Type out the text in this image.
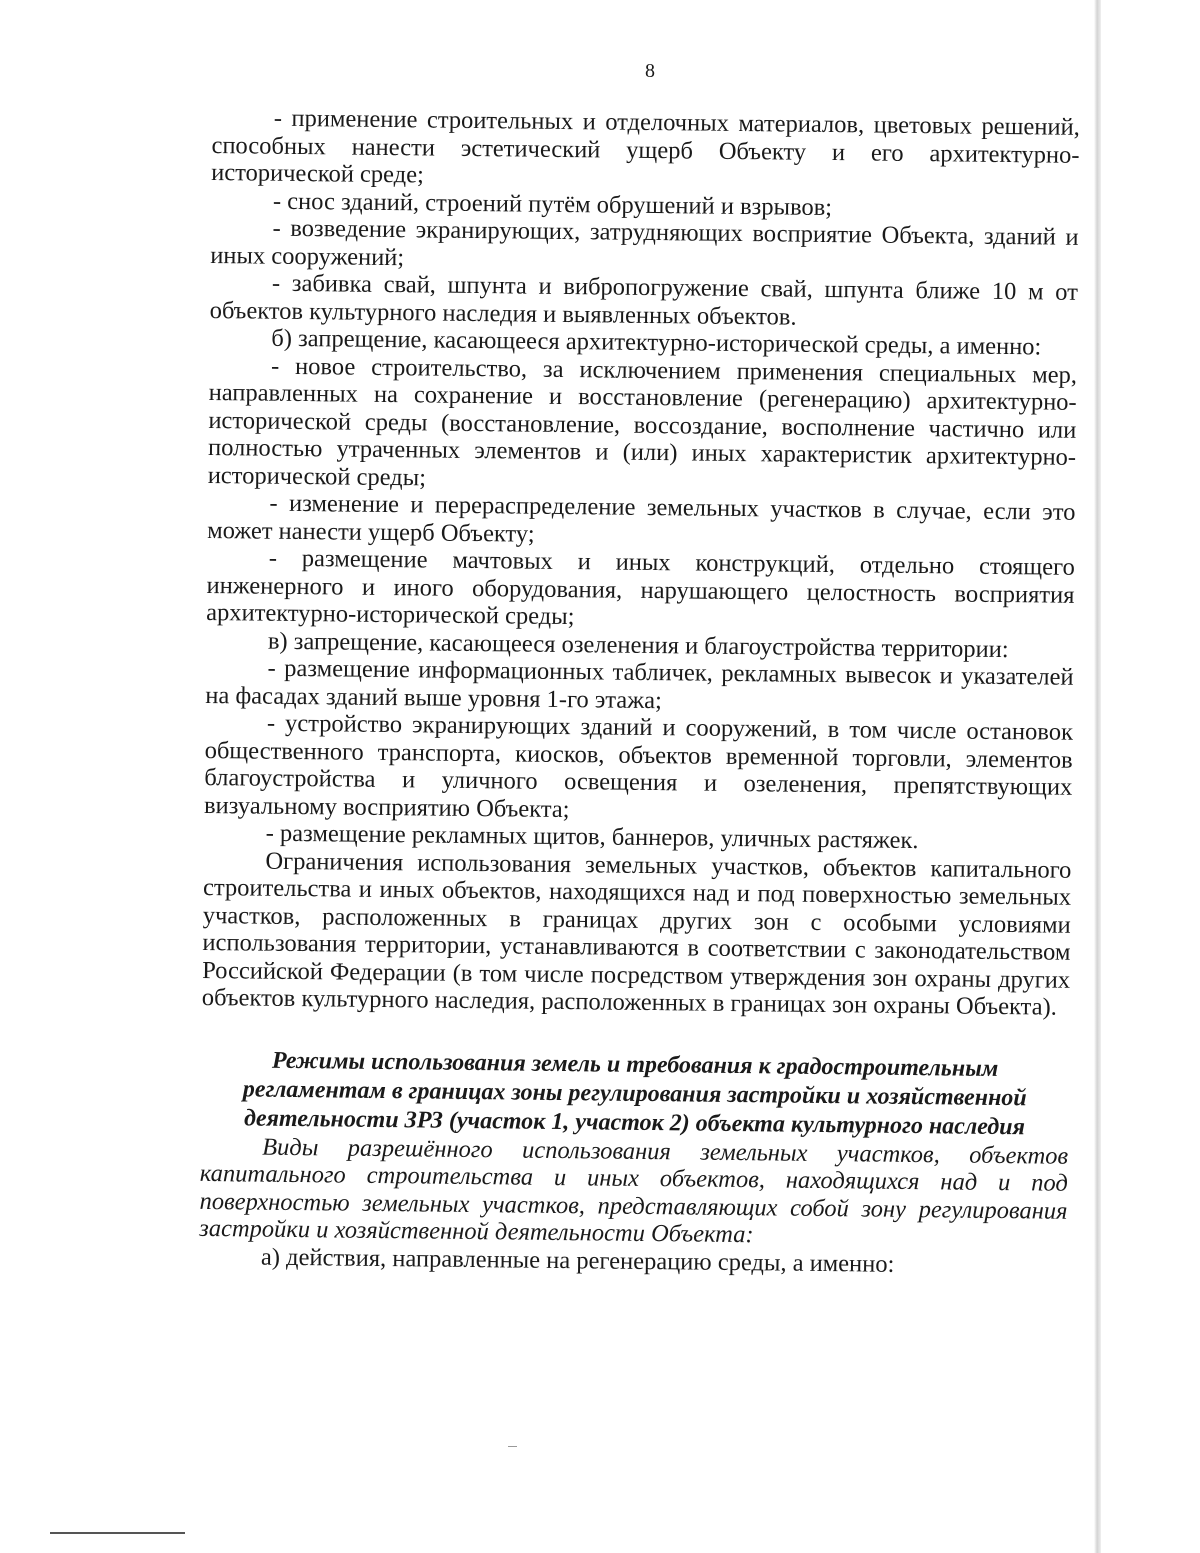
8

- применение строительных и отделочных материалов, цветовых решений, способных нанести эстетический ущерб Объекту и его архитектурно-исторической среде;

- снос зданий, строений путём обрушений и взрывов;

- возведение экранирующих, затрудняющих восприятие Объекта, зданий и иных сооружений;

- забивка свай, шпунта и вибропогружение свай, шпунта ближе 10 м от объектов культурного наследия и выявленных объектов.

б) запрещение, касающееся архитектурно-исторической среды, а именно:

- новое строительство, за исключением применения специальных мер, направленных на сохранение и восстановление (регенерацию) архитектурно-исторической среды (восстановление, воссоздание, восполнение частично или полностью утраченных элементов и (или) иных характеристик архитектурно-исторической среды;

- изменение и перераспределение земельных участков в случае, если это может нанести ущерб Объекту;

- размещение мачтовых и иных конструкций, отдельно стоящего инженерного и иного оборудования, нарушающего целостность восприятия архитектурно-исторической среды;

в) запрещение, касающееся озеленения и благоустройства территории:

- размещение информационных табличек, рекламных вывесок и указателей на фасадах зданий выше уровня 1-го этажа;

- устройство экранирующих зданий и сооружений, в том числе остановок общественного транспорта, киосков, объектов временной торговли, элементов благоустройства и уличного освещения и озеленения, препятствующих визуальному восприятию Объекта;

- размещение рекламных щитов, баннеров, уличных растяжек.

Ограничения использования земельных участков, объектов капитального строительства и иных объектов, находящихся над и под поверхностью земельных участков, расположенных в границах других зон с особыми условиями использования территории, устанавливаются в соответствии с законодательством Российской Федерации (в том числе посредством утверждения зон охраны других объектов культурного наследия, расположенных в границах зон охраны Объекта).

Режимы использования земель и требования к градостроительным регламентам в границах зоны регулирования застройки и хозяйственной деятельности ЗРЗ (участок 1, участок 2) объекта культурного наследия

Виды разрешённого использования земельных участков, объектов капитального строительства и иных объектов, находящихся над и под поверхностью земельных участков, представляющих собой зону регулирования застройки и хозяйственной деятельности Объекта:

а) действия, направленные на регенерацию среды, а именно:
